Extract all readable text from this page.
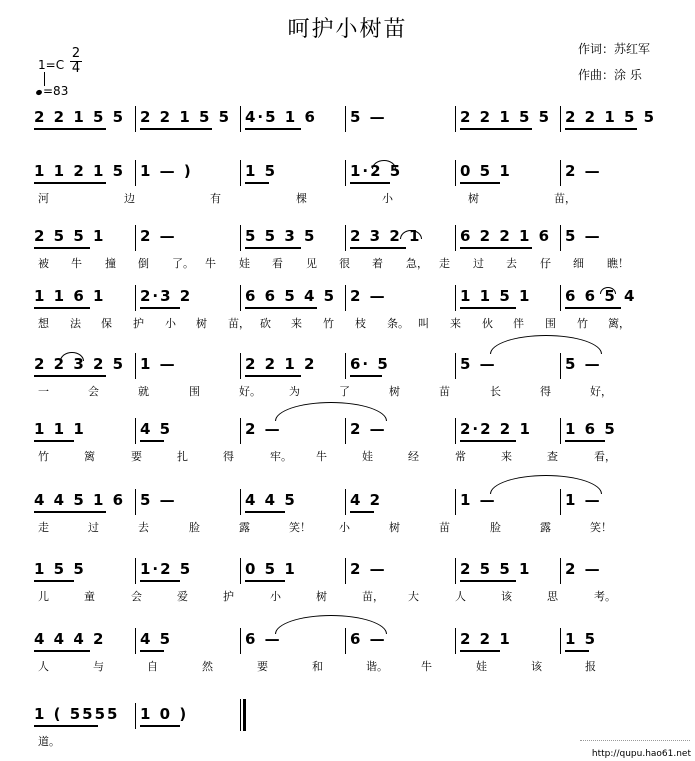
呵护小树苗
作词：苏红军
作曲：涂 乐
1=C
2
4
=83
2 2 1 5 5 2 2 1 5 5 4·5 1 6 5 —	2 2 1 5 5 2 2 1 5 5
1 1 2 1 5 1 — )	1 5	1·2 5	0 5 1	2 —
河	边	有	棵	小	树	苗，
2 5 5 1 2 —	5 5 3 5 2 3 2 1	6 2 2 1 6 5 —
被 牛 撞 倒 了。 牛 娃 看 见 很 着 急， 走 过 去 仔 细 瞧！
1 1 6 1 2·3 2	6 6 5 4 5 2 —	1 1 5 1 6 6 5 4
想 法 保 护 小 树 苗， 砍 来 竹 枝 条。 叫 来 伙 伴 围 竹 篱，
2 2 3 2 5 1 —	2 2 1 2 6· 5	5 —	5 —
一	会	就	围	好。	为	了	树	苗	长	得	好，
1 1 1	4 5	2 —	2 —	2·2 2 1 1 6 5
竹	篱	要	扎	得	牢。 牛	娃	经	常	来	查	看，
4 4 5 1 6 5 —	4 4 5	4 2	1 —	1 —
走	过	去	脸	露	笑！	小	树	苗	脸	露	笑！
1 5 5	1·2 5	0 5 1	2 —	2 5 5 1 2 —
儿	童	会	爱	护	小	树	苗， 大	人	该	思	考。
4 4 4 2 4 5	6 —	6 —	2 2 1	1 5
人	与	自	然	要	和	谐。	牛	娃	该	报
1 ( 5555 1 0 )
道。
http://qupu.hao61.net
